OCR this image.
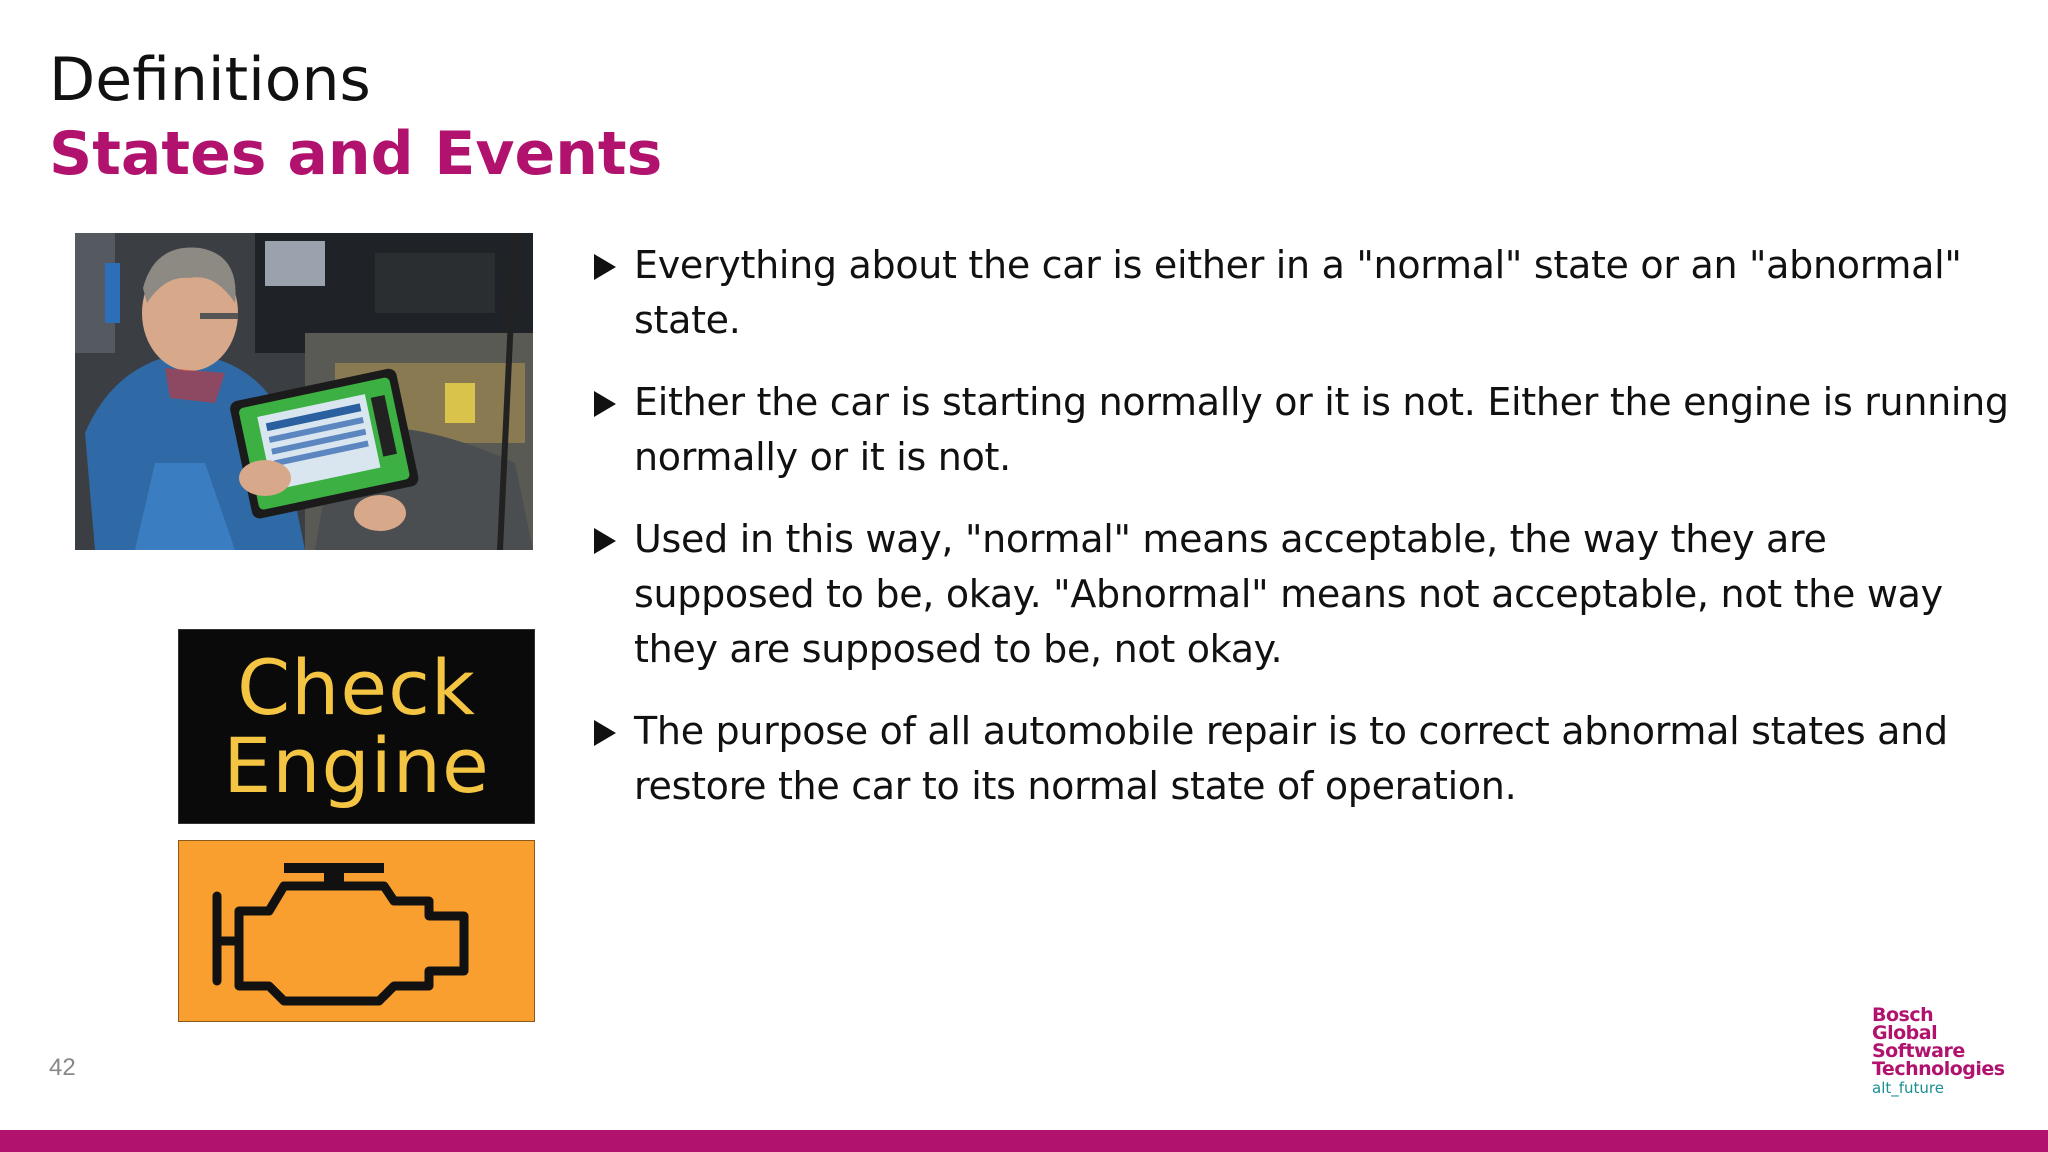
Definitions
States and Events
Check
Engine
Everything about the car is either in a "normal" state or an "abnormal" state.
Either the car is starting normally or it is not. Either the engine is running normally or it is not.
Used in this way, "normal" means acceptable, the way they are supposed to be, okay. "Abnormal" means not acceptable, not the way they are supposed to be, not okay.
The purpose of all automobile repair is to correct abnormal states and restore the car to its normal state of operation.
42
Bosch
Global
Software
Technologies
alt_future
